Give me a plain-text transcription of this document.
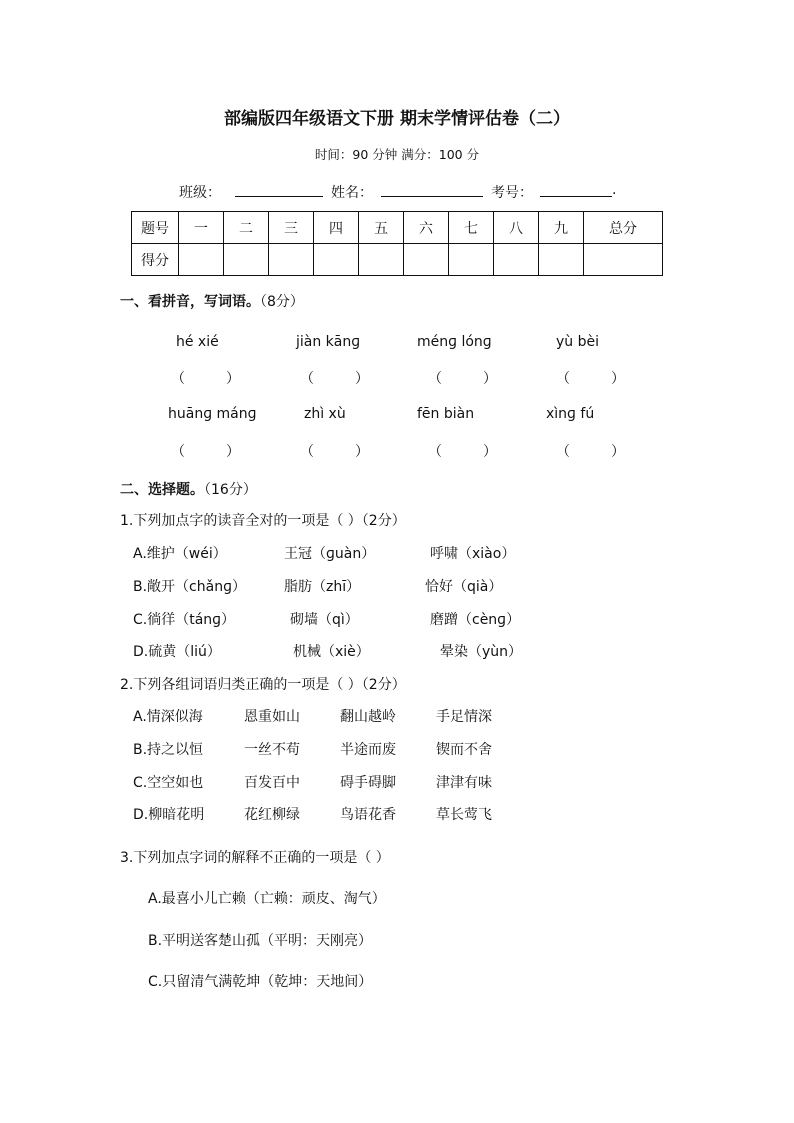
部编版四年级语文下册 期末学情评估卷（二）
时间：90 分钟 满分：100 分
班级：	姓名：	考号：	.
题号	一	二	三	四	五	六	七	八	九	总分
得分										
一、看拼音，写词语。（8分）
hé xié	jiàn kānɡ	ménɡ lónɡ	yù bèi
（	）	（	）	（	）	（	）
huānɡ mánɡ	zhì xù	fēn biàn	xìnɡ fú
（	）	（	）	（	）	（	）
二、选择题。（16分）
1.下列加点字的读音全对的一项是（ ）（2分）
A.维护（wéi）	王冠（ɡuàn）	呼啸（xiào）
B.敞开（chǎnɡ）	脂肪（zhī）	恰好（qià）
C.徜徉（tánɡ）	砌墙（qì）	磨蹭（cènɡ）
D.硫黄（liú）	机械（xiè）	晕染（yùn）
2.下列各组词语归类正确的一项是（ ）（2分）
A.情深似海	恩重如山	翻山越岭	手足情深
B.持之以恒	一丝不苟	半途而废	锲而不舍
C.空空如也	百发百中	碍手碍脚	津津有味
D.柳暗花明	花红柳绿	鸟语花香	草长莺飞
3.下列加点字词的解释不正确的一项是（ ）
A.最喜小儿亡赖（亡赖：顽皮、淘气）
B.平明送客楚山孤（平明：天刚亮）
C.只留清气满乾坤（乾坤：天地间）
